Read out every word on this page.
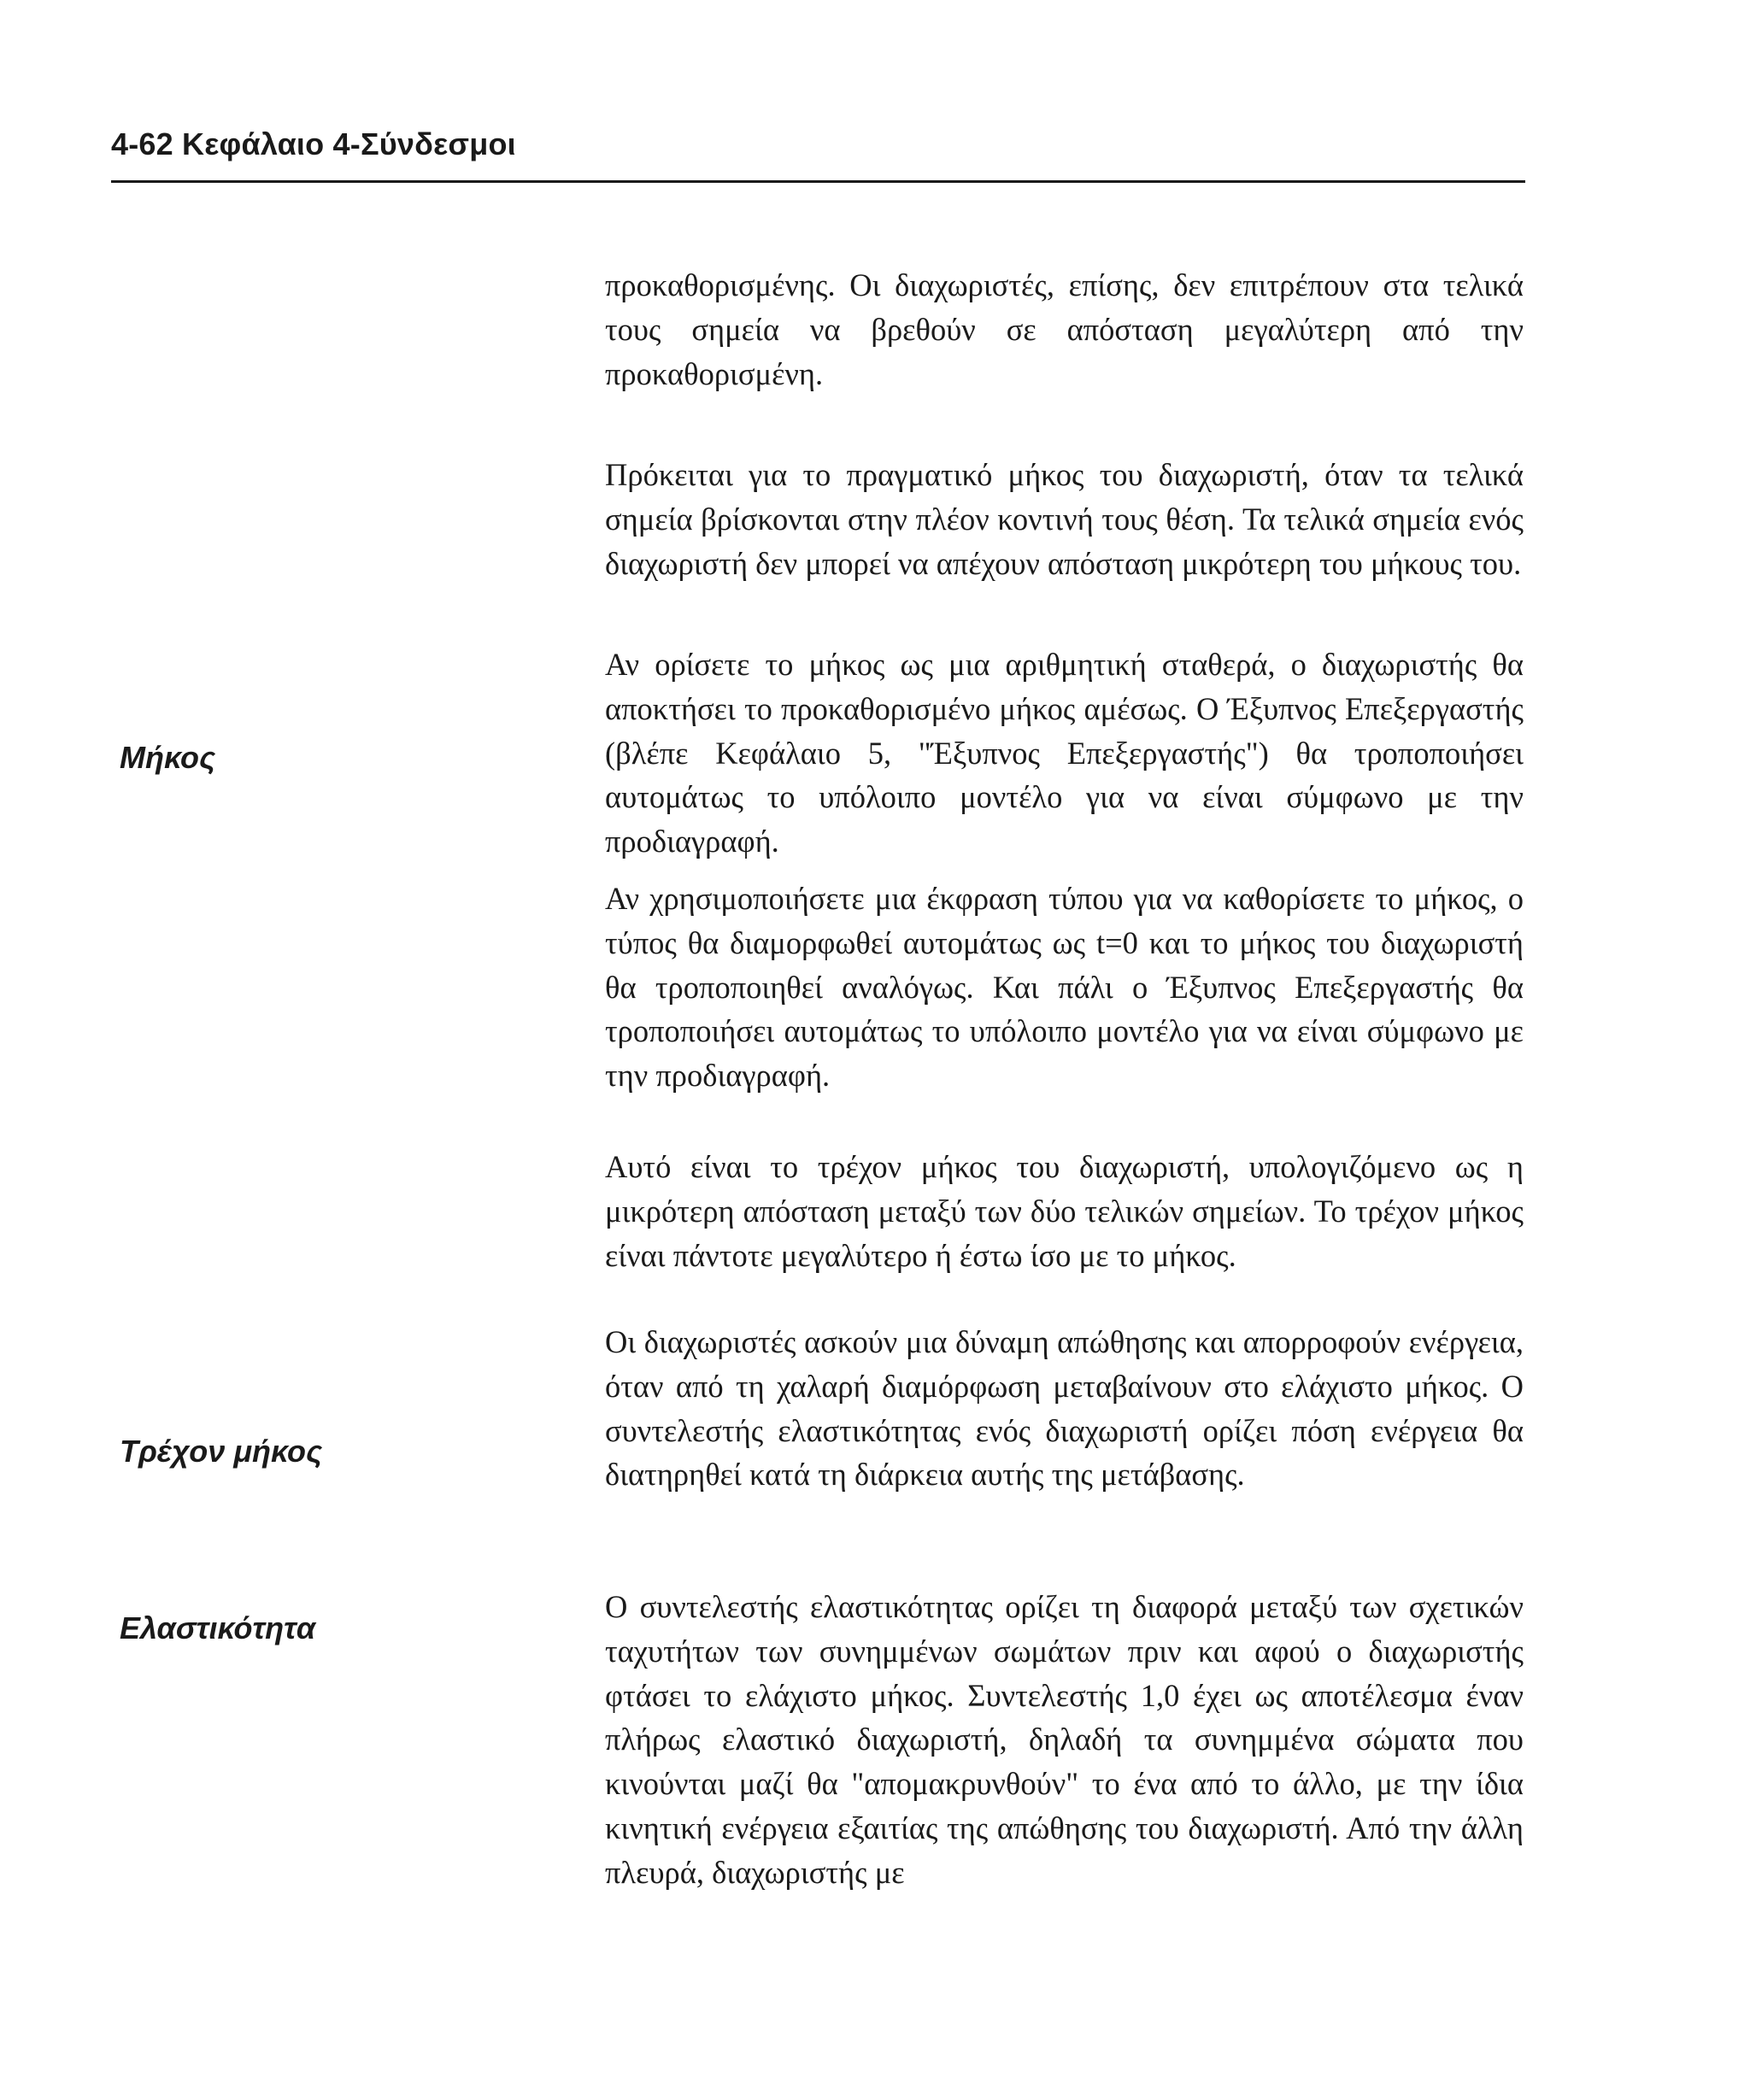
4-62 Κεφάλαιο 4-Σύνδεσμοι
Μήκος
Τρέχον μήκος
Ελαστικότητα

προκαθορισμένης. Οι διαχωριστές, επίσης, δεν επιτρέπουν στα τελικά τους σημεία να βρεθούν σε απόσταση μεγαλύτερη από την προκαθορισμένη.

Πρόκειται για το πραγματικό μήκος του διαχωριστή, όταν τα τελικά σημεία βρίσκονται στην πλέον κοντινή τους θέση. Τα τελικά σημεία ενός διαχωριστή δεν μπορεί να απέχουν απόσταση μικρότερη του μήκους του.

Αν ορίσετε το μήκος ως μια αριθμητική σταθερά, ο διαχωριστής θα αποκτήσει το προκαθορισμένο μήκος αμέσως. Ο Έξυπνος Επεξεργαστής (βλέπε Κεφάλαιο 5, "Έξυπνος Επεξεργαστής") θα τροποποιήσει αυτομάτως το υπόλοιπο μοντέλο για να είναι σύμφωνο με την προδιαγραφή.

Αν χρησιμοποιήσετε μια έκφραση τύπου για να καθορίσετε το μήκος, ο τύπος θα διαμορφωθεί αυτομάτως ως t=0 και το μήκος του διαχωριστή θα τροποποιηθεί αναλόγως. Και πάλι ο Έξυπνος Επεξεργαστής θα τροποποιήσει αυτομάτως το υπόλοιπο μοντέλο για να είναι σύμφωνο με την προδιαγραφή.

Αυτό είναι το τρέχον μήκος του διαχωριστή, υπολογιζόμενο ως η μικρότερη απόσταση μεταξύ των δύο τελικών σημείων. Το τρέχον μήκος είναι πάντοτε μεγαλύτερο ή έστω ίσο με το μήκος.

Οι διαχωριστές ασκούν μια δύναμη απώθησης και απορροφούν ενέργεια, όταν από τη χαλαρή διαμόρφωση μεταβαίνουν στο ελάχιστο μήκος. Ο συντελεστής ελαστικότητας ενός διαχωριστή ορίζει πόση ενέργεια θα διατηρηθεί κατά τη διάρκεια αυτής της μετάβασης.

Ο συντελεστής ελαστικότητας ορίζει τη διαφορά μεταξύ των σχετικών ταχυτήτων των συνημμένων σωμάτων πριν και αφού ο διαχωριστής φτάσει το ελάχιστο μήκος. Συντελεστής 1,0 έχει ως αποτέλεσμα έναν πλήρως ελαστικό διαχωριστή, δηλαδή τα συνημμένα σώματα που κινούνται μαζί θα "απομακρυνθούν" το ένα από το άλλο, με την ίδια κινητική ενέργεια εξαιτίας της απώθησης του διαχωριστή. Από την άλλη πλευρά, διαχωριστής με
